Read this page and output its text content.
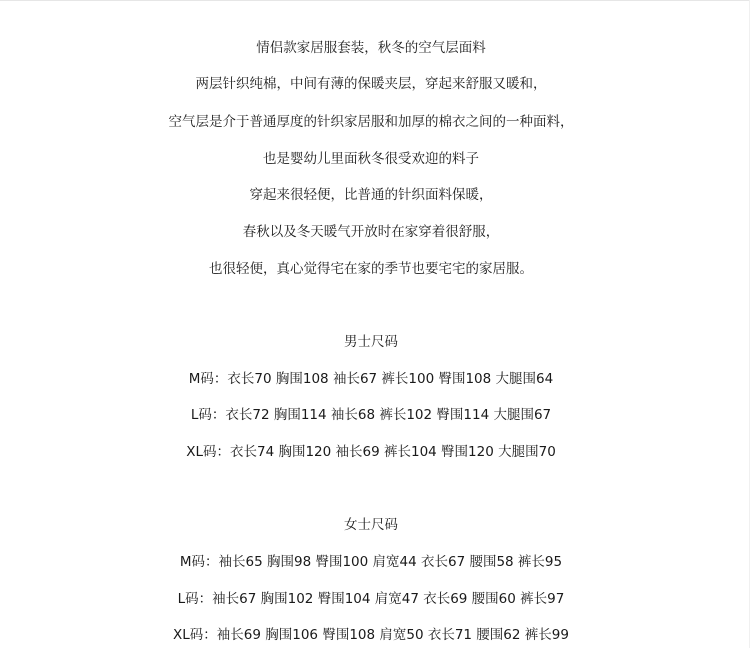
情侣款家居服套装，秋冬的空气层面料
两层针织纯棉，中间有薄的保暖夹层，穿起来舒服又暖和，
空气层是介于普通厚度的针织家居服和加厚的棉衣之间的一种面料，
也是婴幼儿里面秋冬很受欢迎的料子
穿起来很轻便，比普通的针织面料保暖，
春秋以及冬天暖气开放时在家穿着很舒服，
也很轻便，真心觉得宅在家的季节也要宅宅的家居服。
男士尺码
M码：衣长70 胸围108 袖长67 裤长100 臀围108 大腿围64
L码：衣长72 胸围114 袖长68 裤长102 臀围114 大腿围67
XL码：衣长74 胸围120 袖长69 裤长104 臀围120 大腿围70
女士尺码
M码：袖长65 胸围98 臀围100 肩宽44 衣长67 腰围58 裤长95
L码：袖长67 胸围102 臀围104 肩宽47 衣长69 腰围60 裤长97
XL码：袖长69 胸围106 臀围108 肩宽50 衣长71 腰围62 裤长99
